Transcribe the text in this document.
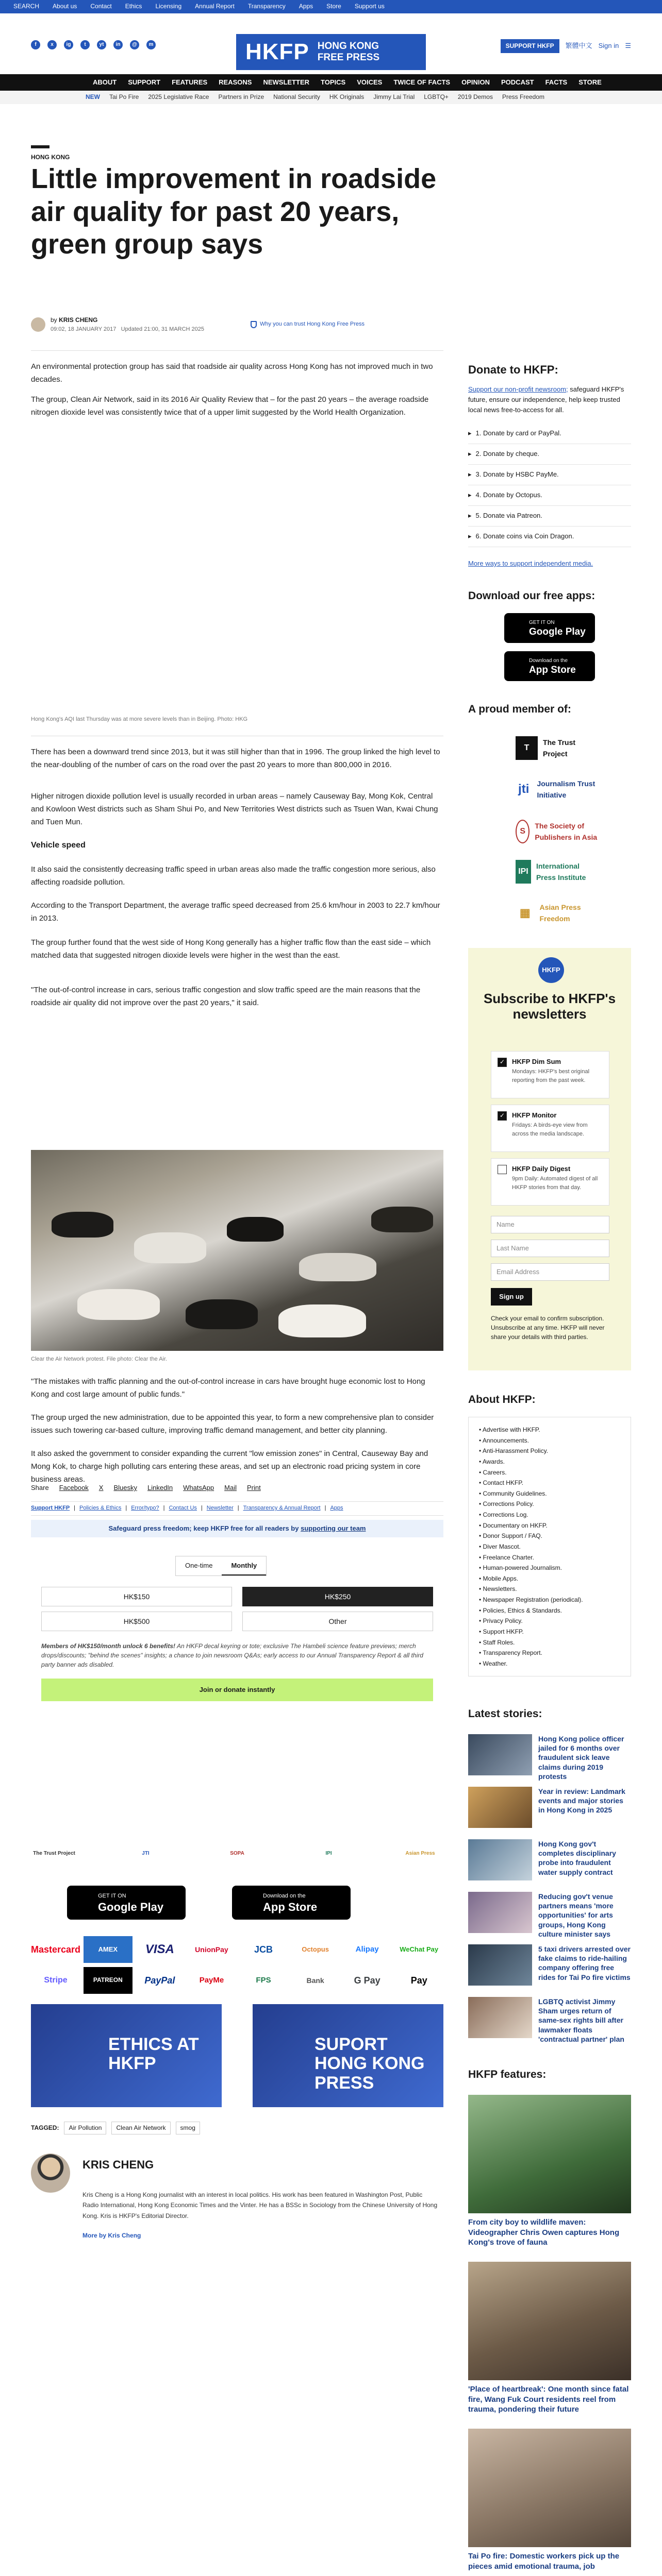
SEARCH About us Contact Ethics Licensing Annual Report Transparency Apps Store Support us
f	x	ig	t	yt	in	@	m	HKFP HONG KONG
FREE PRESS
SUPPORT HKFP	繁體中文 Sign in ☰
ABOUT SUPPORT FEATURES REASONS NEWSLETTER TOPICS VOICES TWICE OF FACTS OPINION PODCAST FACTS STORE
NEW Tai Po Fire 2025 Legislative Race Partners in Prize National Security HK Originals Jimmy Lai Trial LGBTQ+ 2019 Demos Press Freedom
HONG KONG
Little improvement in roadside air quality for past 20 years, green group says
by KRIS CHENG
09:02, 18 JANUARY 2017 Updated 21:00, 31 MARCH 2025
Why you can trust Hong Kong Free Press

An environmental protection group has said that roadside air quality across Hong Kong has not improved much in two decades.

The group, Clean Air Network, said in its 2016 Air Quality Review that – for the past 20 years – the average roadside nitrogen dioxide level was consistently twice that of a upper limit suggested by the World Health Organization.

Hong Kong's AQI last Thursday was at more severe levels than in Beijing. Photo: HKG

There has been a downward trend since 2013, but it was still higher than that in 1996. The group linked the high level to the near-doubling of the number of cars on the road over the past 20 years to more than 800,000 in 2016.

Higher nitrogen dioxide pollution level is usually recorded in urban areas – namely Causeway Bay, Mong Kok, Central and Kowloon West districts such as Sham Shui Po, and New Territories West districts such as Tsuen Wan, Kwai Chung and Tuen Mun.

Vehicle speed

It also said the consistently decreasing traffic speed in urban areas also made the traffic congestion more serious, also affecting roadside pollution.

According to the Transport Department, the average traffic speed decreased from 25.6 km/hour in 2003 to 22.7 km/hour in 2013.

The group further found that the west side of Hong Kong generally has a higher traffic flow than the east side – which matched data that suggested nitrogen dioxide levels were higher in the west than the east.

"The out-of-control increase in cars, serious traffic congestion and slow traffic speed are the main reasons that the roadside air quality did not improve over the past 20 years," it said.

Clear the Air Network protest. File photo: Clear the Air.

"The mistakes with traffic planning and the out-of-control increase in cars have brought huge economic lost to Hong Kong and cost large amount of public funds."

The group urged the new administration, due to be appointed this year, to form a new comprehensive plan to consider issues such towering car-based culture, improving traffic demand management, and better city planning.

It also asked the government to consider expanding the current "low emission zones" in Central, Causeway Bay and Mong Kok, to charge high polluting cars entering these areas, and set up an electronic road pricing system in core business areas.

Share Facebook X Bluesky LinkedIn WhatsApp Mail Print
Support HKFP | Policies & Ethics | Error/typo? | Contact Us | Newsletter | Transparency & Annual Report | Apps
Safeguard press freedom; keep HKFP free for all readers by
supporting our team
One-time	Monthly
HK$150	HK$250
HK$500	Other
Members of HK$150/month unlock 6 benefits! An HKFP decal keyring or tote; exclusive The Hambeli science feature previews; merch drops/discounts; "behind the scenes" insights; a chance to join newsroom Q&As; early access to our Annual Transparency Report & all third party banner ads disabled.
Join or donate instantly
The Trust Project	JTI	SOPA	IPI	Asian Press
GET IT ON
Google Play
Download on the
App Store
Mastercard	AMEX	VISA	UnionPay	JCB	Octopus	Alipay	WeChat Pay
Stripe	PATREON	PayPal	PayMe	FPS	Bank	G Pay	Pay
ETHICS AT HKFP
SUPORT HONG KONG PRESS
TAGGED:	Air Pollution	Clean Air Network	smog
KRIS CHENG
Kris Cheng is a Hong Kong journalist with an interest in local politics. His work has been featured in Washington Post, Public Radio International, Hong Kong Economic Times and the Vinter. He has a BSSc in Sociology from the Chinese University of Hong Kong. Kris is HKFP's Editorial Director.
More by Kris Cheng
Donate to HKFP:
Support our non-profit newsroom; safeguard HKFP's future, ensure our independence, help keep trusted local news free-to-access for all.
▸ 1. Donate by card or PayPal.
▸ 2. Donate by cheque.
▸ 3. Donate by HSBC PayMe.
▸ 4. Donate by Octopus.
▸ 5. Donate via Patreon.
▸ 6. Donate coins via Coin Dragon.
More ways to support independent media.
Download our free apps:
GET IT ON
Google Play
Download on the
App Store
A proud member of:
T
The Trust Project
jti	Journalism Trust Initiative
S
The Society of Publishers in Asia
IPI
International Press Institute
▦	Asian Press Freedom
HKFP
Subscribe to HKFP's newsletters
✓	HKFP Dim Sum
Mondays: HKFP's best original reporting from the past week.
✓	HKFP Monitor
Fridays: A birds-eye view from across the media landscape.
HKFP Daily Digest
9pm Daily: Automated digest of all HKFP stories from that day.
Name
Last Name
Email Address
Sign up
Check your email to confirm subscription. Unsubscribe at any time. HKFP will never share your details with third parties.
About HKFP:
• Advertise with HKFP.
• Announcements.
• Anti-Harassment Policy.
• Awards.
• Careers.
• Contact HKFP.
• Community Guidelines.
• Corrections Policy.
• Corrections Log.
• Documentary on HKFP.
• Donor Support / FAQ.
• Diver Mascot.
• Freelance Charter.
• Human-powered Journalism.
• Mobile Apps.
• Newsletters.
• Newspaper Registration (periodical).
• Policies, Ethics & Standards.
• Privacy Policy.
• Support HKFP.
• Staff Roles.
• Transparency Report.
• Weather.
Latest stories:
Hong Kong police officer jailed for 6 months over fraudulent sick leave claims during 2019 protests
Year in review: Landmark events and major stories in Hong Kong in 2025
Hong Kong gov't completes disciplinary probe into fraudulent water supply contract
Reducing gov't venue partners means 'more opportunities' for arts groups, Hong Kong culture minister says
5 taxi drivers arrested over fake claims to ride-hailing company offering free rides for Tai Po fire victims
LGBTQ activist Jimmy Sham urges return of same-sex rights bill after lawmaker floats 'contractual partner' plan
HKFP features:
From city boy to wildlife maven: Videographer Chris Owen captures Hong Kong's trove of fauna
'Place of heartbreak': One month since fatal fire, Wang Fuk Court residents reel from trauma, pondering their future
Tai Po fire: Domestic workers pick up the pieces amid emotional trauma, job
